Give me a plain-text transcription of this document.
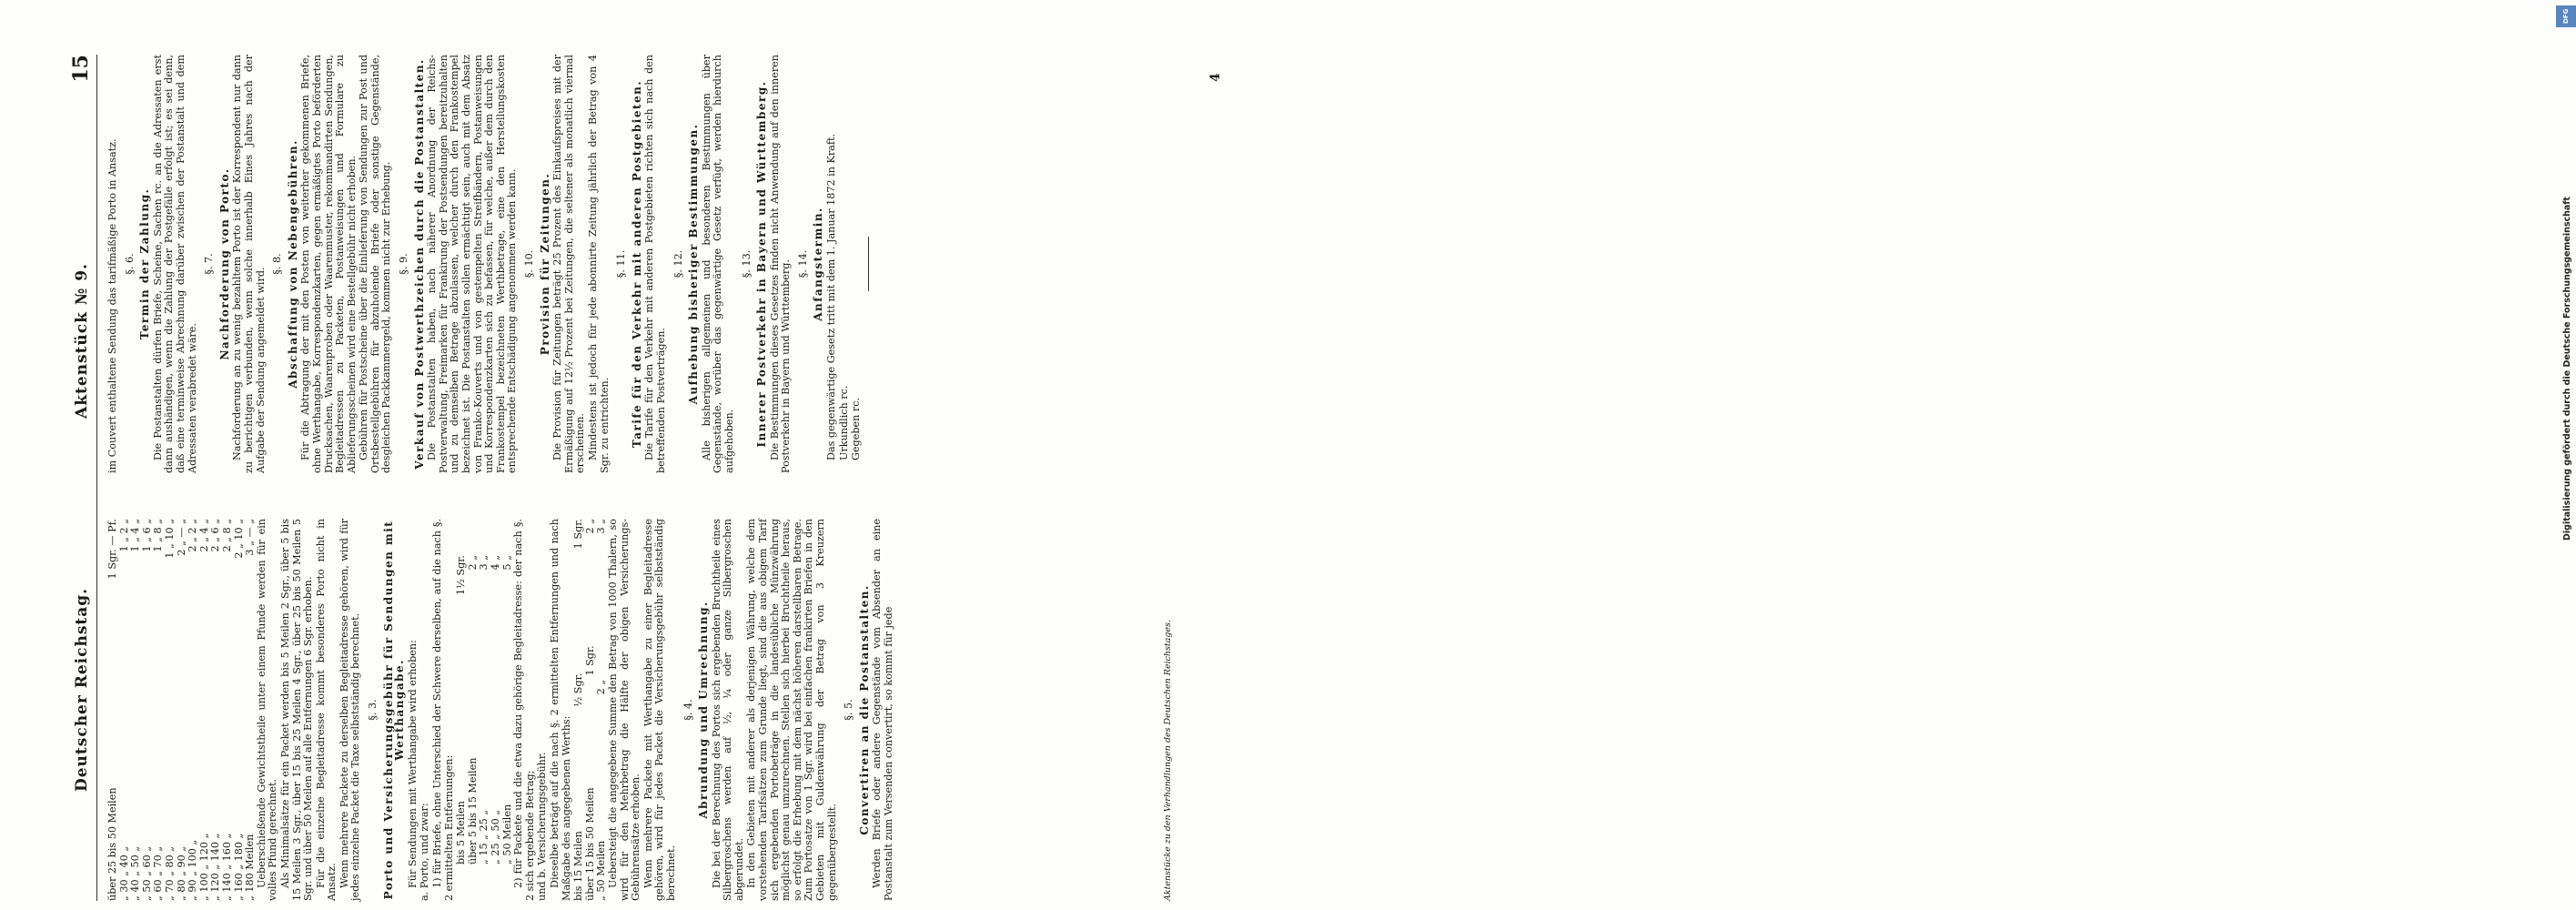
Deutscher Reichstag.
Aktenstück № 9.
15
über 25 bis 50 Meilen
1 Sgr. — Pf.
„ 30 „ 40 „
1 „ 2 „
„ 40 „ 50 „
1 „ 4 „
„ 50 „ 60 „
1 „ 6 „
„ 60 „ 70 „
1 „ 8 „
„ 70 „ 80 „
1 „ 10 „
„ 80 „ 90 „
2 „ — „
„ 90 „ 100 „
2 „ 2 „
„ 100 „ 120 „
2 „ 4 „
„ 120 „ 140 „
2 „ 6 „
„ 140 „ 160 „
2 „ 8 „
„ 160 „ 180 „
2 „ 10 „
„ 180 Meilen
3 „ — „ Ueberschießende Gewichtstheile unter einem Pfunde werden für ein volles Pfund gerechnet. Als Minimalsätze für ein Packet werden bis 5 Meilen 2 Sgr., über 5 bis 15 Meilen 3 Sgr., über 15 bis 25 Meilen 4 Sgr., über 25 bis 50 Meilen 5 Sgr. und über 50 Meilen auf alle Entfernungen 6 Sgr. erhoben. Für die einzelne Begleitadresse kommt besonderes Porto nicht in Ansatz. Wenn mehrere Packete zu derselben Begleitadresse gehören, wird für jedes einzelne Packet die Taxe selbstständig berechnet. §. 3. Porto und Versicherungsgebühr für Sendungen mit Werthangabe. Für Sendungen mit Werthangabe wird erhoben: a. Porto, und zwar: 1) für Briefe, ohne Unterschied der Schwere derselben, auf die nach §. 2 ermittelten Entfernungen: bis 5 Meilen
1½ Sgr.
über 5 bis 15 Meilen
2 „
„ 15 „ 25 „
3 „
„ 25 „ 50 „
4 „
„ 50 Meilen
5 „ 2) für Packete und die etwa dazu gehörige Begleitadresse: der nach §. 2 sich ergebende Betrag; und b. Versicherungsgebühr. Dieselbe beträgt auf die nach §. 2 ermittelten Entfernungen und nach Maßgabe des angegebenen Werths: bis 15 Meilen
½ Sgr.
1 Sgr.
über 15 bis 50 Meilen
1 Sgr.
2 „
„ 50 Meilen
2 „
3 „ Uebersteigt die angegebene Summe den Betrag von 1000 Thalern, so wird für den Mehrbetrag die Hälfte der obigen Versicherungs-Gebührensätze erhoben. Wenn mehrere Packete mit Werthangabe zu einer Begleitadresse gehören, wird für jedes Packet die Versicherungsgebühr selbstständig berechnet.

§. 4. Abrundung und Umrechnung. Die bei der Berechnung des Portos sich ergebenden Bruchtheile eines Silbergroschens werden auf ½, ¼ oder ganze Silbergroschen abgerundet. In den Gebieten mit anderer als derjenigen Währung, welche dem vorstehenden Tarifsätzen zum Grunde liegt, sind die aus obigem Tarif sich ergebenden Portobeträge in die landesübliche Münzwährung möglichst genau umzurechnen. Stellen sich hierbei Bruchtheile heraus, so erfolgt die Erhebung mit dem nächst höheren darstellbaren Betrage. Zum Portosatze von 1 Sgr. wird bei einfachen frankirten Briefen in den Gebieten mit Guldenwährung der Betrag von 3 Kreuzern gegenübergestellt.

§. 5. Convertiren an die Postanstalten. Werden Briefe oder andere Gegenstände vom Absender an eine Postanstalt zum Versenden convertirt, so kommt für jede	Aktenstücke zu den Verhandlungen des Deutschen Reichstages.

im Couvert enthaltene Sendung das tarifmäßige Porto in Ansatz. §. 6. Termin der Zahlung. Die Postanstalten dürfen Briefe, Scheine, Sachen rc. an die Adressaten erst dann aushändigen, wenn die Zahlung der Postgefälle erfolgt ist; es sei denn, daß eine terminweise Abrechnung darüber zwischen der Postanstalt und dem Adressaten verabredet wäre.

§. 7. Nachforderung von Porto. Nachforderung an zu wenig bezahltem Porto ist der Korrespondent nur dann zu berichtigen verbunden, wenn solche innerhalb Eines Jahres nach der Aufgabe der Sendung angemeldet wird.

§. 8. Abschaffung von Nebengebühren. Für die Abtragung der mit den Posten von weiterher gekommenen Briefe, ohne Werthangabe, Korrespondenzkarten, gegen ermäßigtes Porto beförderten Drucksachen, Waarenproben oder Waarenmuster, rekommandirten Sendungen, Begleitadressen zu Packeten, Postanweisungen und Formulare zu Ablieferungsscheinen wird eine Bestellgebühr nicht erhoben. Gebühren für Postscheine über die Einlieferung von Sendungen zur Post und Ortsbestellgebühren für abzuholende Briefe oder sonstige Gegenstände, desgleichen Packkammergeld, kommen nicht zur Erhebung. §. 9. Verkauf von Postwerthzeichen durch die Postanstalten. Die Postanstalten haben, nach näherer Anordnung der Reichs-Postverwaltung, Freimarken für Frankirung der Postsendungen bereitzuhalten und zu demselben Betrage abzulassen, welcher durch den Frankostempel bezeichnet ist. Die Postanstalten sollen ermächtigt sein, auch mit dem Absatz von Franko-Kouverts und von gestempelten Streifbändern, Postanweisungen und Korrespondenzkarten sich zu befassen, für welche, außer dem durch den Frankostempel bezeichneten Werthbetrage, eine den Herstellungskosten entsprechende Entschädigung angenommen werden kann. §. 10. Provision für Zeitungen. Die Provision für Zeitungen beträgt 25 Prozent des Einkaufspreises mit der Ermäßigung auf 12½ Prozent bei Zeitungen, die seltener als monatlich viermal erscheinen. Mindestens ist jedoch für jede abonnirte Zeitung jährlich der Betrag von 4 Sgr. zu entrichten.

§. 11. Tarife für den Verkehr mit anderen Postgebieten. Die Tarife für den Verkehr mit anderen Postgebieten richten sich nach den betreffenden Postverträgen.

§. 12. Aufhebung bisheriger Bestimmungen. Alle bisherigen allgemeinen und besonderen Bestimmungen über Gegenstände, worüber das gegenwärtige Gesetz verfügt, werden hierdurch aufgehoben.

§. 13. Innerer Postverkehr in Bayern und Württemberg. Die Bestimmungen dieses Gesetzes finden nicht Anwendung auf den inneren Postverkehr in Bayern und Württemberg. §. 14. Anfangstermin. Das gegenwärtige Gesetz tritt mit dem 1. Januar 1872 in Kraft. Urkundlich rc. Gegeben rc.

4
DFG
Digitalisierung gefördert durch die Deutsche Forschungsgemeinschaft
